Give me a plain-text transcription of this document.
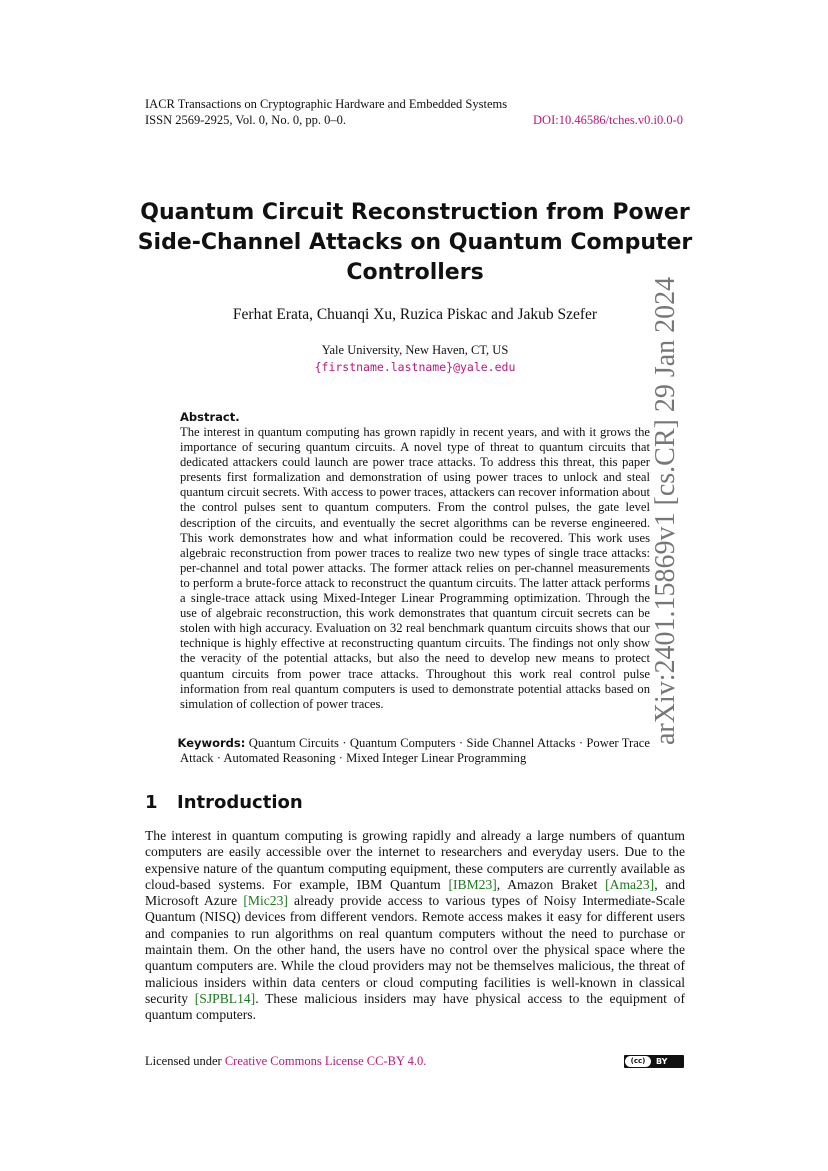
IACR Transactions on Cryptographic Hardware and Embedded Systems
ISSN 2569-2925, Vol. 0, No. 0, pp. 0–0.	DOI:10.46586/tches.v0.i0.0-0
Quantum Circuit Reconstruction from Power
Side-Channel Attacks on Quantum Computer
Controllers
Ferhat Erata, Chuanqi Xu, Ruzica Piskac and Jakub Szefer
Yale University, New Haven, CT, US
{firstname.lastname}@yale.edu
Abstract.

The interest in quantum computing has grown rapidly in recent years, and with it grows the importance of securing quantum circuits. A novel type of threat to quantum circuits that dedicated attackers could launch are power trace attacks. To address this threat, this paper presents first formalization and demonstration of using power traces to unlock and steal quantum circuit secrets. With access to power traces, attackers can recover information about the control pulses sent to quantum computers. From the control pulses, the gate level description of the circuits, and eventually the secret algorithms can be reverse engineered. This work demonstrates how and what information could be recovered. This work uses algebraic reconstruction from power traces to realize two new types of single trace attacks: per-channel and total power attacks. The former attack relies on per-channel measurements to perform a brute-force attack to reconstruct the quantum circuits. The latter attack performs a single-trace attack using Mixed-Integer Linear Programming optimization. Through the use of algebraic reconstruction, this work demonstrates that quantum circuit secrets can be stolen with high accuracy. Evaluation on 32 real benchmark quantum circuits shows that our technique is highly effective at reconstructing quantum circuits. The findings not only show the veracity of the potential attacks, but also the need to develop new means to protect quantum circuits from power trace attacks. Throughout this work real control pulse information from real quantum computers is used to demonstrate potential attacks based on simulation of collection of power traces.

Keywords: Quantum Circuits · Quantum Computers · Side Channel Attacks · Power Trace Attack · Automated Reasoning · Mixed Integer Linear Programming

1 Introduction

The interest in quantum computing is growing rapidly and already a large numbers of quantum computers are easily accessible over the internet to researchers and everyday users. Due to the expensive nature of the quantum computing equipment, these computers are currently available as cloud-based systems. For example, IBM Quantum [IBM23], Amazon Braket [Ama23], and Microsoft Azure [Mic23] already provide access to various types of Noisy Intermediate-Scale Quantum (NISQ) devices from different vendors. Remote access makes it easy for different users and companies to run algorithms on real quantum computers without the need to purchase or maintain them. On the other hand, the users have no control over the physical space where the quantum computers are. While the cloud providers may not be themselves malicious, the threat of malicious insiders within data centers or cloud computing facilities is well-known in classical security [SJPBL14]. These malicious insiders may have physical access to the equipment of quantum computers.

Licensed under Creative Commons License CC-BY 4.0.	(cc)	BY
arXiv:2401.15869v1 [cs.CR] 29 Jan 2024
